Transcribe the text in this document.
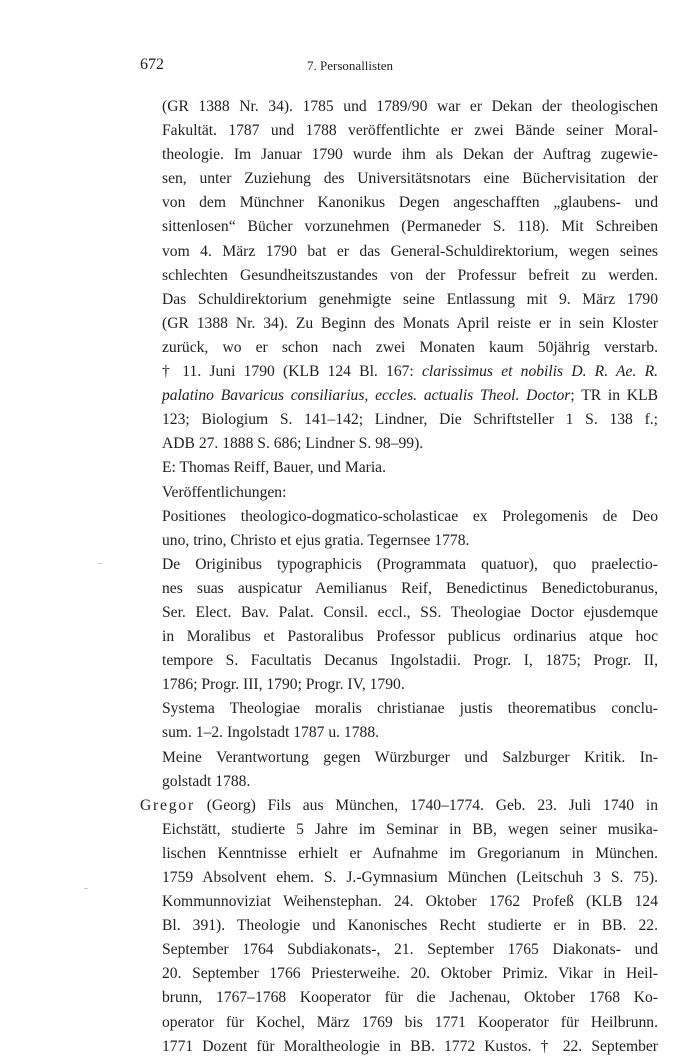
672	7. Personallisten
(GR 1388 Nr. 34). 1785 und 1789/90 war er Dekan der theologischen
Fakultät. 1787 und 1788 veröffentlichte er zwei Bände seiner Moral-
theologie. Im Januar 1790 wurde ihm als Dekan der Auftrag zugewie-
sen, unter Zuziehung des Universitätsnotars eine Büchervisitation der
von dem Münchner Kanonikus Degen angeschafften „glaubens- und
sittenlosen“ Bücher vorzunehmen (Permaneder S. 118). Mit Schreiben
vom 4. März 1790 bat er das General-Schuldirektorium, wegen seines
schlechten Gesundheitszustandes von der Professur befreit zu werden.
Das Schuldirektorium genehmigte seine Entlassung mit 9. März 1790
(GR 1388 Nr. 34). Zu Beginn des Monats April reiste er in sein Kloster
zurück, wo er schon nach zwei Monaten kaum 50jährig verstarb.
† 11. Juni 1790 (KLB 124 Bl. 167: clarissimus et nobilis D. R. Ae. R.
palatino Bavaricus consiliarius, eccles. actualis Theol. Doctor; TR in KLB
123; Biologium S. 141–142; Lindner, Die Schriftsteller 1 S. 138 f.;
ADB 27. 1888 S. 686; Lindner S. 98–99).
E: Thomas Reiff, Bauer, und Maria.
Veröffentlichungen:
Positiones theologico-dogmatico-scholasticae ex Prolegomenis de Deo
uno, trino, Christo et ejus gratia. Tegernsee 1778.
De Originibus typographicis (Programmata quatuor), quo praelectio-
nes suas auspicatur Aemilianus Reif, Benedictinus Benedictoburanus,
Ser. Elect. Bav. Palat. Consil. eccl., SS. Theologiae Doctor ejusdemque
in Moralibus et Pastoralibus Professor publicus ordinarius atque hoc
tempore S. Facultatis Decanus Ingolstadii. Progr. I, 1875; Progr. II,
1786; Progr. III, 1790; Progr. IV, 1790.
Systema Theologiae moralis christianae justis theorematibus conclu-
sum. 1–2. Ingolstadt 1787 u. 1788.
Meine Verantwortung gegen Würzburger und Salzburger Kritik. In-
golstadt 1788.
Gregor (Georg) Fils aus München, 1740–1774. Geb. 23. Juli 1740 in
Eichstätt, studierte 5 Jahre im Seminar in BB, wegen seiner musika-
lischen Kenntnisse erhielt er Aufnahme im Gregorianum in München.
1759 Absolvent ehem. S. J.-Gymnasium München (Leitschuh 3 S. 75).
Kommunnoviziat Weihenstephan. 24. Oktober 1762 Profeß (KLB 124
Bl. 391). Theologie und Kanonisches Recht studierte er in BB. 22.
September 1764 Subdiakonats-, 21. September 1765 Diakonats- und
20. September 1766 Priesterweihe. 20. Oktober Primiz. Vikar in Heil-
brunn, 1767–1768 Kooperator für die Jachenau, Oktober 1768 Ko-
operator für Kochel, März 1769 bis 1771 Kooperator für Heilbrunn.
1771 Dozent für Moraltheologie in BB. 1772 Kustos. † 22. September
